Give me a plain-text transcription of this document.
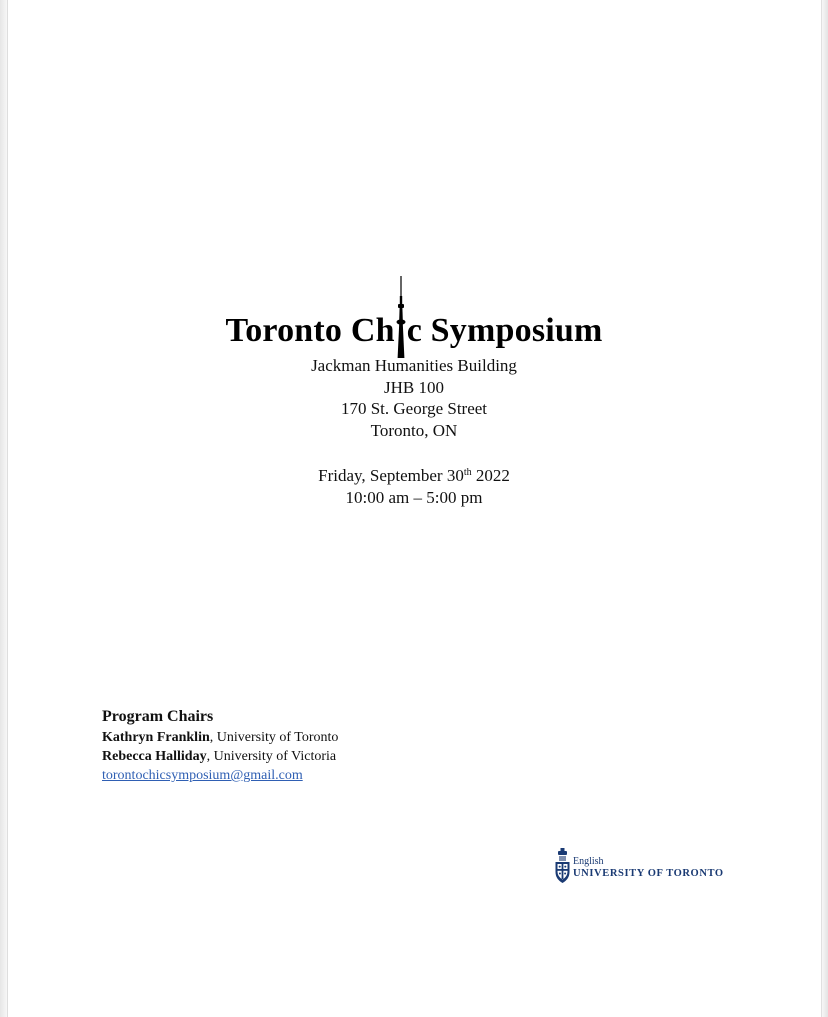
Toronto Ch c Symposium
Jackman Humanities Building
JHB 100
170 St. George Street
Toronto, ON
Friday, September 30th 2022
10:00 am – 5:00 pm
Program Chairs
Kathryn Franklin, University of Toronto
Rebecca Halliday, University of Victoria
torontochicsymposium@gmail.com
English
UNIVERSITY OF TORONTO
